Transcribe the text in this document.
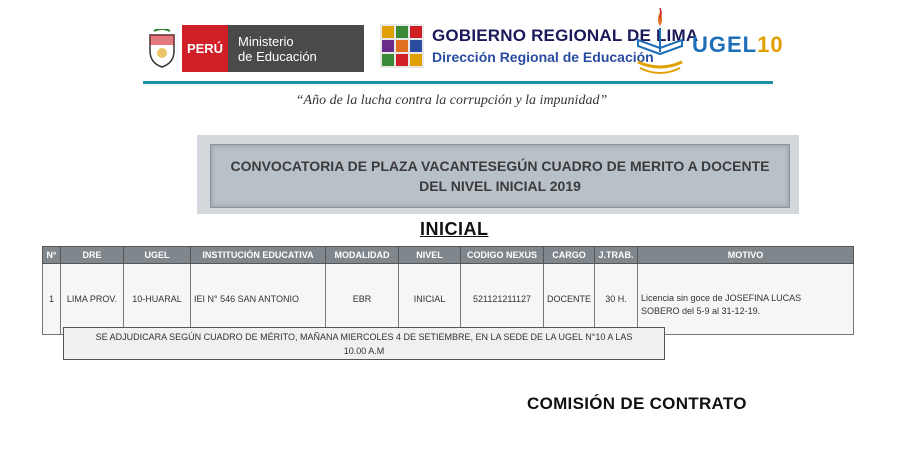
PERÚ	Ministerio
de Educación
GOBIERNO REGIONAL DE LIMA
Dirección Regional de Educación	UGEL10
“Año de la lucha contra la corrupción y la impunidad”
CONVOCATORIA DE PLAZA VACANTESEGÚN CUADRO DE MERITO A DOCENTE
DEL NIVEL INICIAL 2019
INICIAL
N°	DRE	UGEL	INSTITUCIÓN EDUCATIVA	MODALIDAD	NIVEL	CODIGO NEXUS	CARGO	J.TRAB.	MOTIVO
1	LIMA PROV.	10-HUARAL	IEI N° 546 SAN ANTONIO	EBR	INICIAL	521121211127	DOCENTE	30 H.	Licencia sin goce de JOSEFINA LUCAS
SOBERO del 5-9 al 31-12-19.
SE ADJUDICARA SEGÚN CUADRO DE MÉRITO, MAÑANA MIERCOLES 4 DE SETIEMBRE, EN LA SEDE DE LA UGEL N°10 A LAS
10.00 A.M
COMISIÓN DE CONTRATO
